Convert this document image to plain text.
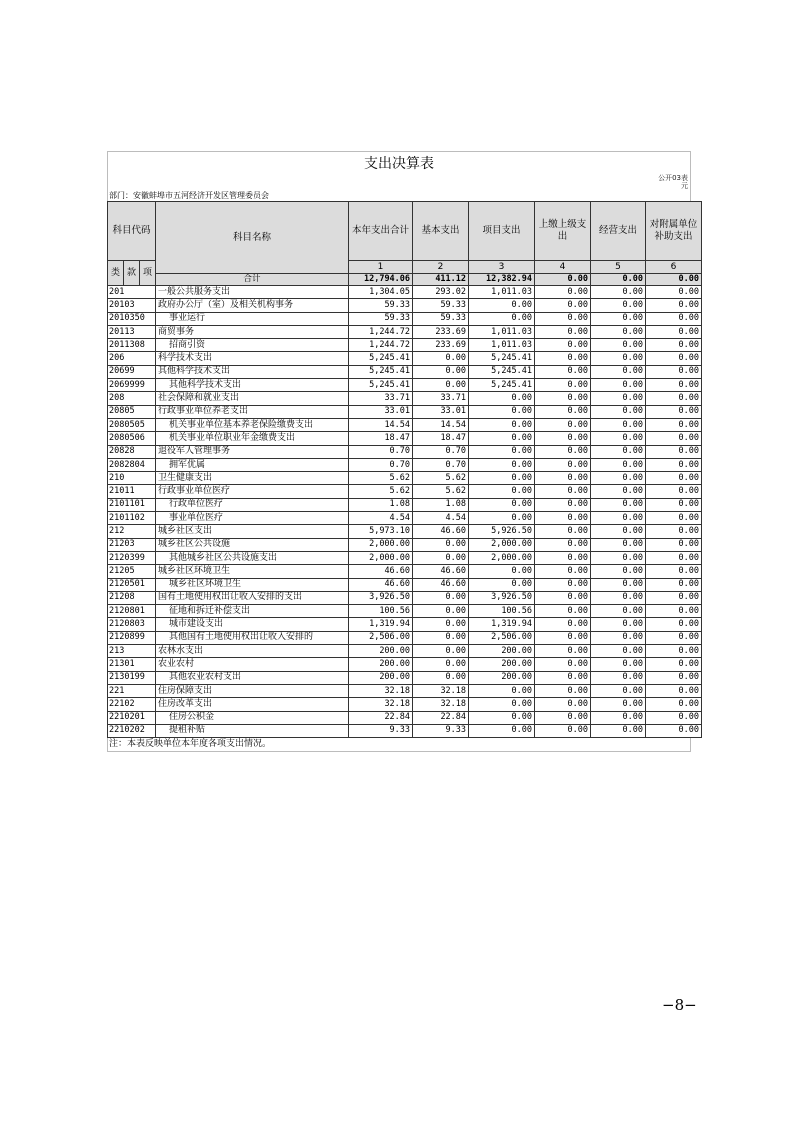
支出决算表
公开03表
元
部门：安徽蚌埠市五河经济开发区管理委员会
科目代码			科目名称	本年支出合计	基本支出	项目支出	上缴上级支出	经营支出	对附属单位补助支出
类	款	项		1	2	3	4	5	6
			合计	12,794.06	411.12	12,382.94	0.00	0.00	0.00
201			一般公共服务支出	1,304.05	293.02	1,011.03	0.00	0.00	0.00
20103			政府办公厅（室）及相关机构事务	59.33	59.33	0.00	0.00	0.00	0.00
2010350			事业运行	59.33	59.33	0.00	0.00	0.00	0.00
20113			商贸事务	1,244.72	233.69	1,011.03	0.00	0.00	0.00
2011308			招商引资	1,244.72	233.69	1,011.03	0.00	0.00	0.00
206			科学技术支出	5,245.41	0.00	5,245.41	0.00	0.00	0.00
20699			其他科学技术支出	5,245.41	0.00	5,245.41	0.00	0.00	0.00
2069999			其他科学技术支出	5,245.41	0.00	5,245.41	0.00	0.00	0.00
208			社会保障和就业支出	33.71	33.71	0.00	0.00	0.00	0.00
20805			行政事业单位养老支出	33.01	33.01	0.00	0.00	0.00	0.00
2080505			机关事业单位基本养老保险缴费支出	14.54	14.54	0.00	0.00	0.00	0.00
2080506			机关事业单位职业年金缴费支出	18.47	18.47	0.00	0.00	0.00	0.00
20828			退役军人管理事务	0.70	0.70	0.00	0.00	0.00	0.00
2082804			拥军优属	0.70	0.70	0.00	0.00	0.00	0.00
210			卫生健康支出	5.62	5.62	0.00	0.00	0.00	0.00
21011			行政事业单位医疗	5.62	5.62	0.00	0.00	0.00	0.00
2101101			行政单位医疗	1.08	1.08	0.00	0.00	0.00	0.00
2101102			事业单位医疗	4.54	4.54	0.00	0.00	0.00	0.00
212			城乡社区支出	5,973.10	46.60	5,926.50	0.00	0.00	0.00
21203			城乡社区公共设施	2,000.00	0.00	2,000.00	0.00	0.00	0.00
2120399			其他城乡社区公共设施支出	2,000.00	0.00	2,000.00	0.00	0.00	0.00
21205			城乡社区环境卫生	46.60	46.60	0.00	0.00	0.00	0.00
2120501			城乡社区环境卫生	46.60	46.60	0.00	0.00	0.00	0.00
21208			国有土地使用权出让收入安排的支出	3,926.50	0.00	3,926.50	0.00	0.00	0.00
2120801			征地和拆迁补偿支出	100.56	0.00	100.56	0.00	0.00	0.00
2120803			城市建设支出	1,319.94	0.00	1,319.94	0.00	0.00	0.00
2120899			其他国有土地使用权出让收入安排的	2,506.00	0.00	2,506.00	0.00	0.00	0.00
213			农林水支出	200.00	0.00	200.00	0.00	0.00	0.00
21301			农业农村	200.00	0.00	200.00	0.00	0.00	0.00
2130199			其他农业农村支出	200.00	0.00	200.00	0.00	0.00	0.00
221			住房保障支出	32.18	32.18	0.00	0.00	0.00	0.00
22102			住房改革支出	32.18	32.18	0.00	0.00	0.00	0.00
2210201			住房公积金	22.84	22.84	0.00	0.00	0.00	0.00
2210202			提租补贴	9.33	9.33	0.00	0.00	0.00	0.00
注：本表反映单位本年度各项支出情况。
−8−
